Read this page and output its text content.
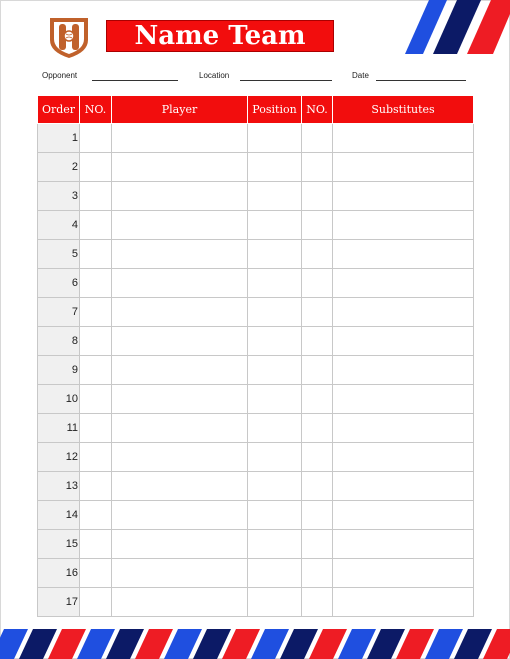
Name Team
Opponent	Location	Date
Order	NO.	Player	Position	NO.	Substitutes
1					
2					
3					
4					
5					
6					
7					
8					
9					
10					
11					
12					
13					
14					
15					
16					
17					
